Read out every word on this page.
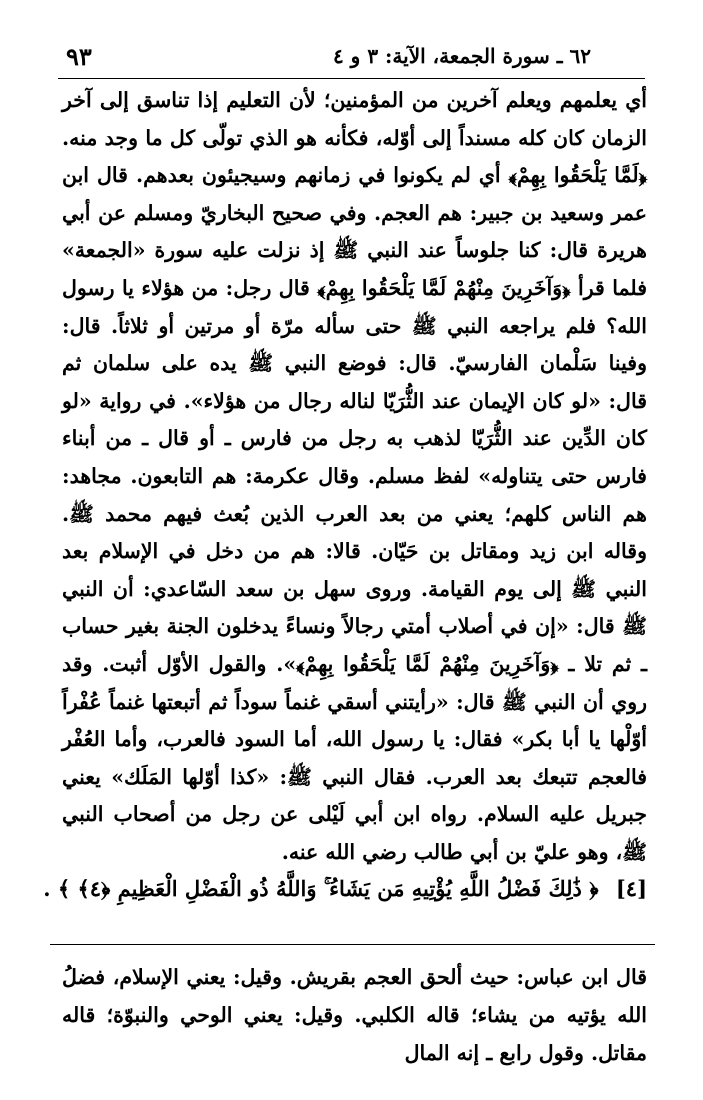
٩٣	٦٢ ـ سورة الجمعة، الآية: ٣ و ٤

أي يعلمهم ويعلم آخرين من المؤمنين؛ لأن التعليم إذا تناسق إلى آخر الزمان كان كله مسنداً إلى أوّله، فكأنه هو الذي تولّى كل ما وجد منه. ﴿لَمَّا يَلْحَقُوا بِهِمْ﴾ أي لم يكونوا في زمانهم وسيجيئون بعدهم. قال ابن عمر وسعيد بن جبير: هم العجم. وفي صحيح البخاريّ ومسلم عن أبي هريرة قال: كنا جلوساً عند النبي ﷺ إذ نزلت عليه سورة «الجمعة» فلما قرأ ﴿وَآخَرِينَ مِنْهُمْ لَمَّا يَلْحَقُوا بِهِمْ﴾ قال رجل: من هؤلاء يا رسول الله؟ فلم يراجعه النبي ﷺ حتى سأله مرّة أو مرتين أو ثلاثاً. قال: وفينا سَلْمان الفارسيّ. قال: فوضع النبي ﷺ يده على سلمان ثم قال: «لو كان الإيمان عند الثُّرَيّا لناله رجال من هؤلاء». في رواية «لو كان الدِّين عند الثُّرَيّا لذهب به رجل من فارس ـ أو قال ـ من أبناء فارس حتى يتناوله» لفظ مسلم. وقال عكرمة: هم التابعون. مجاهد: هم الناس كلهم؛ يعني من بعد العرب الذين بُعث فيهم محمد ﷺ. وقاله ابن زيد ومقاتل بن حَيّان. قالا: هم من دخل في الإسلام بعد النبي ﷺ إلى يوم القيامة. وروى سهل بن سعد السّاعدي: أن النبي ﷺ قال: «إن في أصلاب أمتي رجالاً ونساءً يدخلون الجنة بغير حساب ـ ثم تلا ـ ﴿وَآخَرِينَ مِنْهُمْ لَمَّا يَلْحَقُوا بِهِمْ﴾». والقول الأوّل أثبت. وقد روي أن النبي ﷺ قال: «رأيتني أسقي غنماً سوداً ثم أتبعتها غنماً عُفْراً أوّلْها يا أبا بكر» فقال: يا رسول الله، أما السود فالعرب، وأما العُفْر فالعجم تتبعك بعد العرب. فقال النبي ﷺ: «كذا أوّلها المَلَك» يعني جبريل عليه السلام. رواه ابن أبي لَيْلى عن رجل من أصحاب النبي ﷺ، وهو عليّ بن أبي طالب رضي الله عنه.

[٤] ﴿ ذَٰلِكَ فَضْلُ اللَّهِ يُؤْتِيهِ مَن يَشَاءُ ۚ وَاللَّهُ ذُو الْفَضْلِ الْعَظِيمِ ﴿٤﴾ ﴾ .

قال ابن عباس: حيث ألحق العجم بقريش. وقيل: يعني الإسلام، فضلُ الله يؤتيه من يشاء؛ قاله الكلبي. وقيل: يعني الوحي والنبوّة؛ قاله مقاتل. وقول رابع ـ إنه المال
